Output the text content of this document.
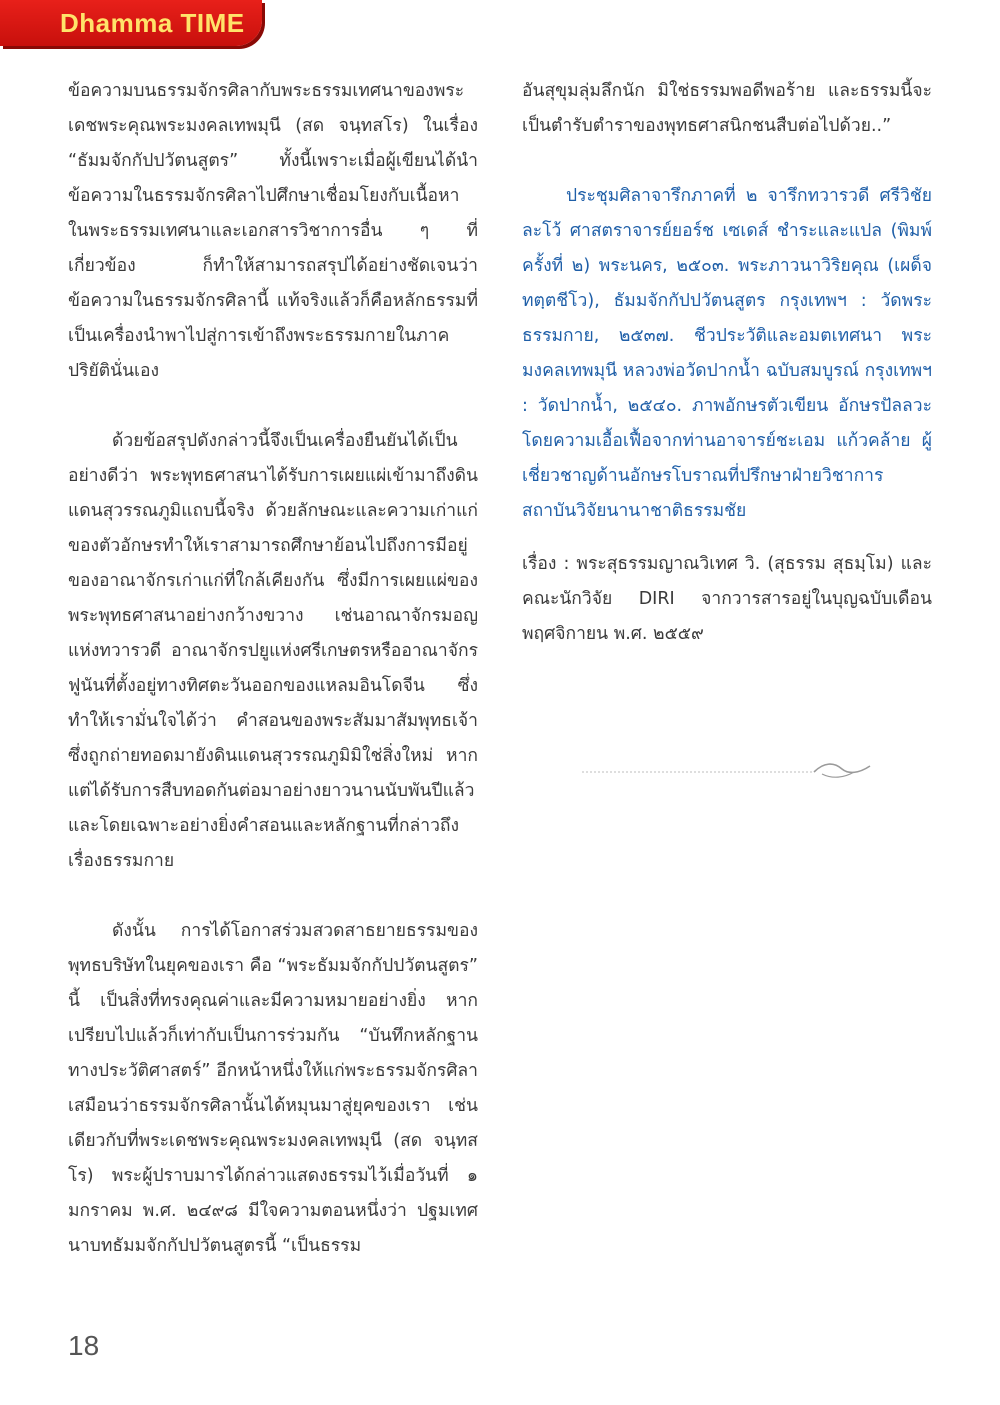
Dhamma TIME

ข้อความบนธรรมจักรศิลากับพระธรรมเทศนาของพระเดชพระคุณพระมงคลเทพมุนี (สด จนฺทสโร) ในเรื่อง “ธัมมจักกัปปวัตนสูตร” ทั้งนี้เพราะเมื่อผู้เขียนได้นำข้อความในธรรมจักรศิลาไปศึกษาเชื่อมโยงกับเนื้อหาในพระธรรมเทศนาและเอกสารวิชาการอื่น ๆ ที่เกี่ยวข้อง ก็ทำให้สามารถสรุปได้อย่างชัดเจนว่า ข้อความในธรรมจักรศิลานี้ แท้จริงแล้วก็คือหลักธรรมที่เป็นเครื่องนำพาไปสู่การเข้าถึงพระธรรมกายในภาคปริยัตินั่นเอง

ด้วยข้อสรุปดังกล่าวนี้จึงเป็นเครื่องยืนยันได้เป็นอย่างดีว่า พระพุทธศาสนาได้รับการเผยแผ่เข้ามาถึงดินแดนสุวรรณภูมิแถบนี้จริง ด้วยลักษณะและความเก่าแก่ของตัวอักษรทำให้เราสามารถศึกษาย้อนไปถึงการมีอยู่ของอาณาจักรเก่าแก่ที่ใกล้เคียงกัน ซึ่งมีการเผยแผ่ของพระพุทธศาสนาอย่างกว้างขวาง เช่นอาณาจักรมอญแห่งทวารวดี อาณาจักรปยูแห่งศรีเกษตรหรืออาณาจักรฟูนันที่ตั้งอยู่ทางทิศตะวันออกของแหลมอินโดจีน ซึ่งทำให้เรามั่นใจได้ว่า คำสอนของพระสัมมาสัมพุทธเจ้าซึ่งถูกถ่ายทอดมายังดินแดนสุวรรณภูมิมิใช่สิ่งใหม่ หากแต่ได้รับการสืบทอดกันต่อมาอย่างยาวนานนับพันปีแล้ว และโดยเฉพาะอย่างยิ่งคำสอนและหลักฐานที่กล่าวถึงเรื่องธรรมกาย

ดังนั้น การได้โอกาสร่วมสวดสาธยายธรรมของพุทธบริษัทในยุคของเรา คือ “พระธัมมจักกัปปวัตนสูตร” นี้ เป็นสิ่งที่ทรงคุณค่าและมีความหมายอย่างยิ่ง หากเปรียบไปแล้วก็เท่ากับเป็นการร่วมกัน “บันทึกหลักฐานทางประวัติศาสตร์” อีกหน้าหนึ่งให้แก่พระธรรมจักรศิลา เสมือนว่าธรรมจักรศิลานั้นได้หมุนมาสู่ยุคของเรา เช่นเดียวกับที่พระเดชพระคุณพระมงคลเทพมุนี (สด จนฺทสโร) พระผู้ปราบมารได้กล่าวแสดงธรรมไว้เมื่อวันที่ ๑ มกราคม พ.ศ. ๒๔๙๘ มีใจความตอนหนึ่งว่า ปฐมเทศนาบทธัมมจักกัปปวัตนสูตรนี้ “เป็นธรรม

อันสุขุมลุ่มลึกนัก มิใช่ธรรมพอดีพอร้าย และธรรมนี้จะเป็นตำรับตำราของพุทธศาสนิกชนสืบต่อไปด้วย..”

ประชุมศิลาจารึกภาคที่ ๒ จารึกทวารวดี ศรีวิชัย ละโว้ ศาสตราจารย์ยอร์ช เซเดส์ ชำระและแปล (พิมพ์ครั้งที่ ๒) พระนคร, ๒๕๐๓. พระภาวนาวิริยคุณ (เผด็จ ทตฺตชีโว), ธัมมจักกัปปวัตนสูตร กรุงเทพฯ : วัดพระธรรมกาย, ๒๕๓๗. ชีวประวัติและอมตเทศนา พระมงคลเทพมุนี หลวงพ่อวัดปากน้ำ ฉบับสมบูรณ์ กรุงเทพฯ : วัดปากน้ำ, ๒๕๔๐. ภาพอักษรตัวเขียน อักษรปัลลวะ โดยความเอื้อเฟื้อจากท่านอาจารย์ชะเอม แก้วคล้าย ผู้เชี่ยวชาญด้านอักษรโบราณที่ปรึกษาฝ่ายวิชาการ สถาบันวิจัยนานาชาติธรรมชัย

เรื่อง : พระสุธรรมญาณวิเทศ วิ. (สุธรรม สุธมฺโม) และคณะนักวิจัย DIRI จากวารสารอยู่ในบุญฉบับเดือนพฤศจิกายน พ.ศ. ๒๕๕๙

18
